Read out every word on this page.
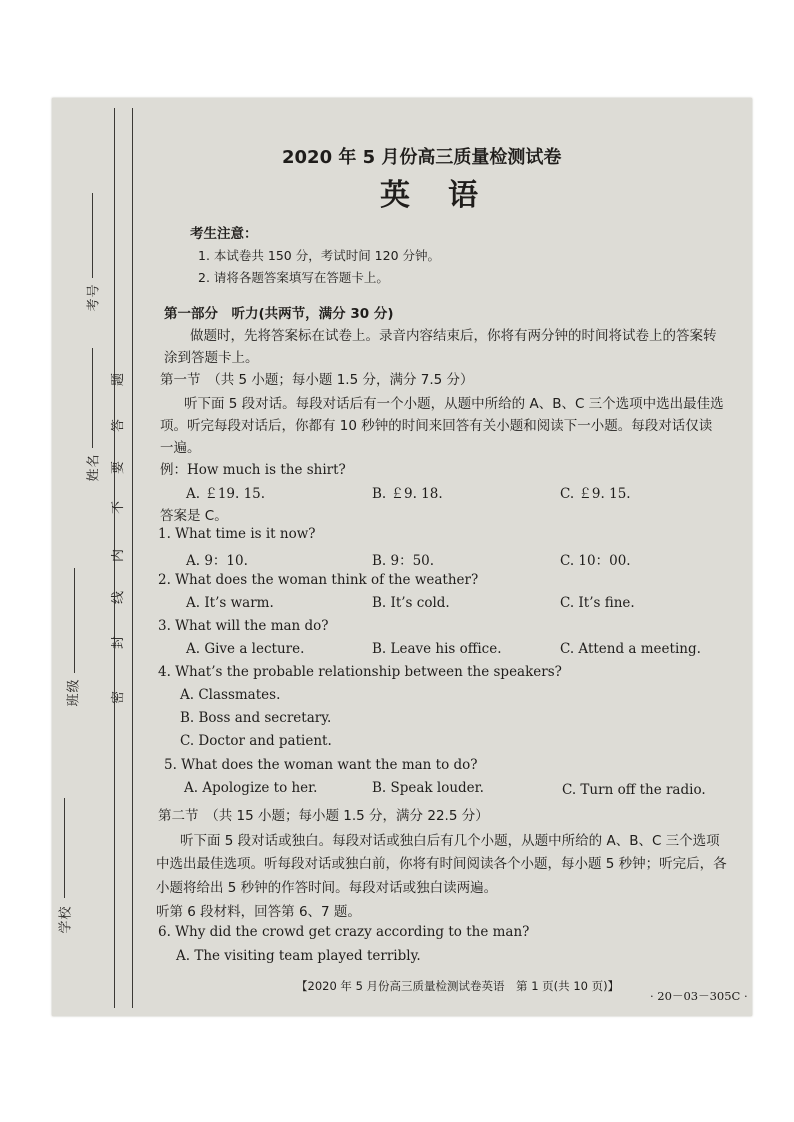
考号
姓名
班级
学校
密
封
线
内
不
要
答
题
2020 年 5 月份高三质量检测试卷
英语
考生注意：
1. 本试卷共 150 分，考试时间 120 分钟。
2. 请将各题答案填写在答题卡上。
第一部分　听力(共两节，满分 30 分)
做题时，先将答案标在试卷上。录音内容结束后，你将有两分钟的时间将试卷上的答案转
涂到答题卡上。
第一节　（共 5 小题；每小题 1.5 分，满分 7.5 分）
听下面 5 段对话。每段对话后有一个小题，从题中所给的 A、B、C 三个选项中选出最佳选
项。听完每段对话后，你都有 10 秒钟的时间来回答有关小题和阅读下一小题。每段对话仅读
一遍。
例：How much is the shirt?
A. ￡19. 15.	B. ￡9. 18.	C. ￡9. 15.
答案是 C。
1. What time is it now?
A. 9：10.	B. 9：50.	C. 10：00.
2. What does the woman think of the weather?
A. It’s warm.	B. It’s cold.	C. It’s fine.
3. What will the man do?
A. Give a lecture.	B. Leave his office.	C. Attend a meeting.
4. What’s the probable relationship between the speakers?
A. Classmates.
B. Boss and secretary.
C. Doctor and patient.
5. What does the woman want the man to do?
A. Apologize to her.	B. Speak louder.	C. Turn off the radio.
第二节　（共 15 小题；每小题 1.5 分，满分 22.5 分）
听下面 5 段对话或独白。每段对话或独白后有几个小题，从题中所给的 A、B、C 三个选项
中选出最佳选项。听每段对话或独白前，你将有时间阅读各个小题，每小题 5 秒钟；听完后，各
小题将给出 5 秒钟的作答时间。每段对话或独白读两遍。
听第 6 段材料，回答第 6、7 题。
6. Why did the crowd get crazy according to the man?
A. The visiting team played terribly.
【2020 年 5 月份高三质量检测试卷英语　第 1 页(共 10 页)】
· 20－03－305C ·
